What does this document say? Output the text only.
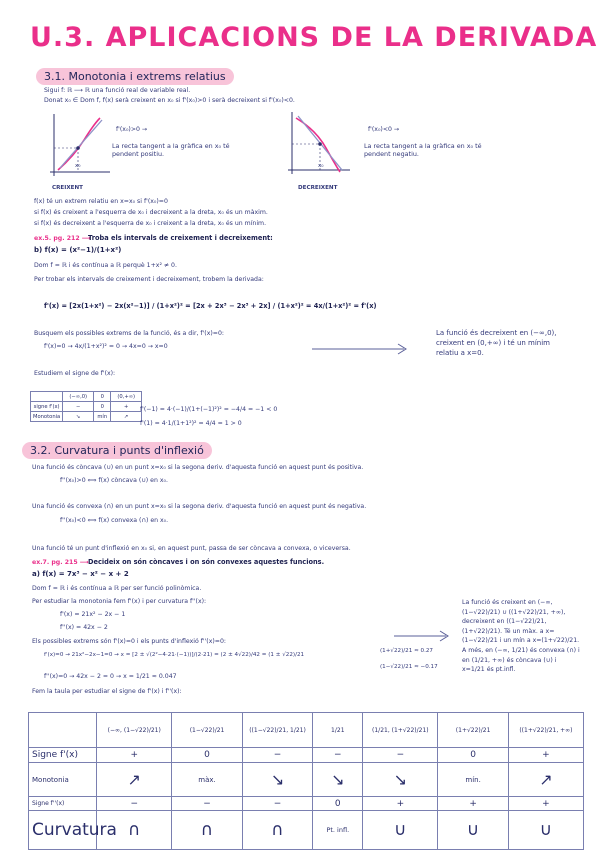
U.3. APLICACIONS DE LA DERIVADA
3.1. Monotonia i extrems relatius
Sigui f: ℝ ⟶ ℝ una funció real de variable real.
Donat x₀ ∈ Dom f, f(x) serà creixent en x₀ si f'(x₀)>0 i serà decreixent si f'(x₀)<0.
x₀
CREIXENT
f'(x₀)>0 →
La recta tangent a la gràfica en x₀ té pendent positiu.
x₀
DECREIXENT
f'(x₀)<0 →
La recta tangent a la gràfica en x₀ té pendent negatiu.
f(x) té un extrem relatiu en x=x₀ si f'(x₀)=0
si f(x) és creixent a l'esquerra de x₀ i decreixent a la dreta, x₀ és un màxim.
si f(x) és decreixent a l'esquerra de x₀ i creixent a la dreta, x₀ és un mínim.
ex.5. pg. 212 ⟶
Troba els intervals de creixement i decreixement:
b) f(x) = (x²−1)/(1+x²)
Dom f = ℝ i és contínua a ℝ perquè 1+x² ≠ 0.
Per trobar els intervals de creixement i decreixement, trobem la derivada:
f'(x) = [2x(1+x²) − 2x(x²−1)] / (1+x²)² = [2x + 2x³ − 2x³ + 2x] / (1+x²)² = 4x/(1+x²)² = f'(x)
Busquem els possibles extrems de la funció, és a dir, f'(x)=0:
f'(x)=0 → 4x/(1+x²)² = 0 → 4x=0 → x=0
La funció és decreixent en (−∞,0), creixent en (0,+∞) i té un mínim relatiu a x=0.
Estudiem el signe de f'(x):
	(−∞,0)	0	(0,+∞)
signe f'(x)	−	0	+
Monotonia	↘	mín	↗
f'(−1) = 4·(−1)/(1+(−1)²)² = −4/4 = −1 < 0
f'(1) = 4·1/(1+1²)² = 4/4 = 1 > 0
3.2. Curvatura i punts d'inflexió
Una funció és còncava (∪) en un punt x=x₀ si la segona deriv. d'aquesta funció en aquest punt és positiva.
f''(x₀)>0 ⟺ f(x) còncava (∪) en x₀.
Una funció és convexa (∩) en un punt x=x₀ si la segona deriv. d'aquesta funció en aquest punt és negativa.
f''(x₀)<0 ⟺ f(x) convexa (∩) en x₀.
Una funció té un punt d'inflexió en x₀ si, en aquest punt, passa de ser còncava a convexa, o viceversa.
ex.7. pg. 215 ⟶ Decideix on són còncaves i on són convexes aquestes funcions.
a) f(x) = 7x³ − x² − x + 2
Dom f = ℝ i és contínua a ℝ per ser funció polinòmica.
Per estudiar la monotonia fem f'(x) i per curvatura f''(x):
f'(x) = 21x² − 2x − 1
f''(x) = 42x − 2
Els possibles extrems són f'(x)=0 i els punts d'inflexió f''(x)=0:
f'(x)=0 → 21x²−2x−1=0 → x = [2 ± √(2²−4·21·(−1))]/(2·21) = (2 ± 4√22)/42 = (1 ± √22)/21
(1+√22)/21 ≈ 0.27
(1−√22)/21 ≈ −0.17
f''(x)=0 → 42x − 2 = 0 → x = 1/21 ≈ 0.047
Fem la taula per estudiar el signe de f'(x) i f''(x):
La funció és creixent en (−∞, (1−√22)/21) ∪ ((1+√22)/21, +∞), decreixent en ((1−√22)/21, (1+√22)/21). Té un màx. a x=(1−√22)/21 i un mín a x=(1+√22)/21. A més, en (−∞, 1/21) és convexa (∩) i en (1/21, +∞) és còncava (∪) i x=1/21 és pt.infl.
	(−∞, (1−√22)/21)	(1−√22)/21	((1−√22)/21, 1/21)	1/21	(1/21, (1+√22)/21)	(1+√22)/21	((1+√22)/21, +∞)
Signe f'(x)	+	0	−	−	−	0	+
Monotonia	↗	màx.	↘	↘	↘	mín.	↗
Signe f''(x)	−	−	−	0	+	+	+
Curvatura	∩	∩	∩	Pt. infl.	∪	∪	∪
